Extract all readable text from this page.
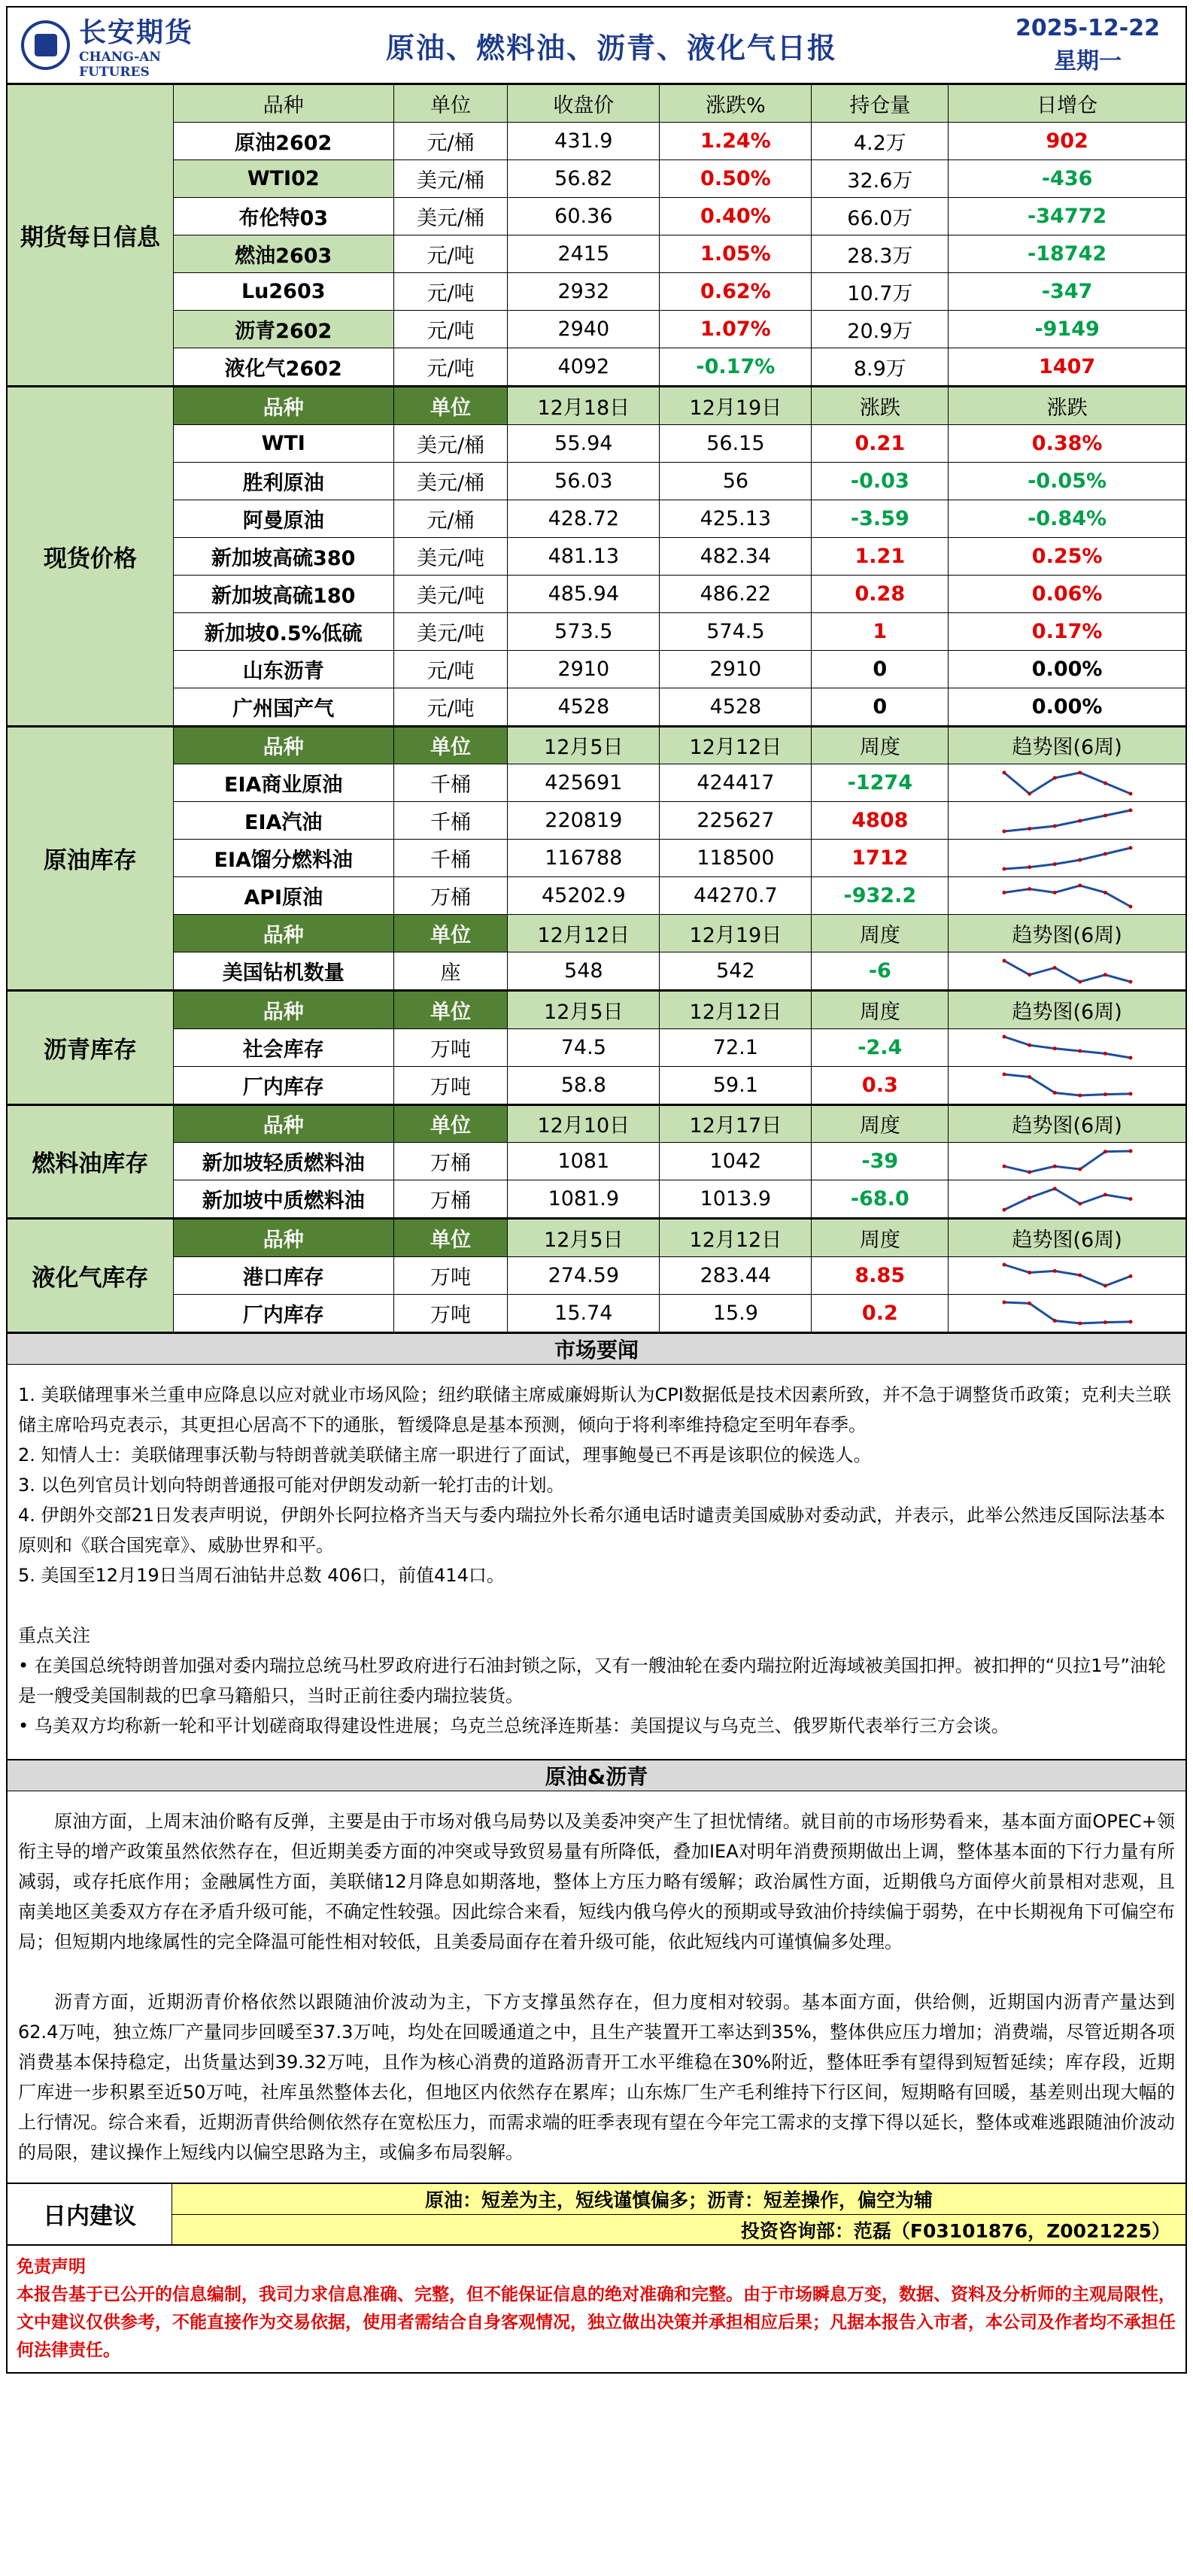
长安期货
CHANG-AN FUTURES
原油、燃料油、沥青、液化气日报
2025-12-22
星期一
期货每日信息	品种	单位	收盘价	涨跌%	持仓量	日增仓
	原油2602	元/桶	431.9	1.24%	4.2万	902
	WTI02	美元/桶	56.82	0.50%	32.6万	-436
	布伦特03	美元/桶	60.36	0.40%	66.0万	-34772
	燃油2603	元/吨	2415	1.05%	28.3万	-18742
	Lu2603	元/吨	2932	0.62%	10.7万	-347
	沥青2602	元/吨	2940	1.07%	20.9万	-9149
	液化气2602	元/吨	4092	-0.17%	8.9万	1407
现货价格	品种	单位	12月18日	12月19日	涨跌	涨跌
	WTI	美元/桶	55.94	56.15	0.21	0.38%
	胜利原油	美元/桶	56.03	56	-0.03	-0.05%
	阿曼原油	元/桶	428.72	425.13	-3.59	-0.84%
	新加坡高硫380	美元/吨	481.13	482.34	1.21	0.25%
	新加坡高硫180	美元/吨	485.94	486.22	0.28	0.06%
	新加坡0.5%低硫	美元/吨	573.5	574.5	1	0.17%
	山东沥青	元/吨	2910	2910	0	0.00%
	广州国产气	元/吨	4528	4528	0	0.00%
原油库存	品种	单位	12月5日	12月12日	周度	趋势图(6周)
	EIA商业原油	千桶	425691	424417	-1274	

	EIA汽油	千桶	220819	225627	4808	

	EIA馏分燃料油	千桶	116788	118500	1712	

	API原油	万桶	45202.9	44270.7	-932.2	

	品种	单位	12月12日	12月19日	周度	趋势图(6周)
	美国钻机数量	座	548	542	-6	
沥青库存	品种	单位	12月5日	12月12日	周度	趋势图(6周)
	社会库存	万吨	74.5	72.1	-2.4	

	厂内库存	万吨	58.8	59.1	0.3	
燃料油库存	品种	单位	12月10日	12月17日	周度	趋势图(6周)
	新加坡轻质燃料油	万桶	1081	1042	-39	

	新加坡中质燃料油	万桶	1081.9	1013.9	-68.0	
液化气库存	品种	单位	12月5日	12月12日	周度	趋势图(6周)
	港口库存	万吨	274.59	283.44	8.85	

	厂内库存	万吨	15.74	15.9	0.2	
市场要闻

1. 美联储理事米兰重申应降息以应对就业市场风险；纽约联储主席威廉姆斯认为CPI数据低是技术因素所致，并不急于调整货币政策；克利夫兰联储主席哈玛克表示，其更担心居高不下的通胀，暂缓降息是基本预测，倾向于将利率维持稳定至明年春季。

2. 知情人士：美联储理事沃勒与特朗普就美联储主席一职进行了面试，理事鲍曼已不再是该职位的候选人。

3. 以色列官员计划向特朗普通报可能对伊朗发动新一轮打击的计划。

4. 伊朗外交部21日发表声明说，伊朗外长阿拉格齐当天与委内瑞拉外长希尔通电话时谴责美国威胁对委动武，并表示，此举公然违反国际法基本原则和《联合国宪章》、威胁世界和平。

5. 美国至12月19日当周石油钻井总数 406口，前值414口。

重点关注

• 在美国总统特朗普加强对委内瑞拉总统马杜罗政府进行石油封锁之际，又有一艘油轮在委内瑞拉附近海域被美国扣押。被扣押的“贝拉1号”油轮是一艘受美国制裁的巴拿马籍船只，当时正前往委内瑞拉装货。

• 乌美双方均称新一轮和平计划磋商取得建设性进展；乌克兰总统泽连斯基：美国提议与乌克兰、俄罗斯代表举行三方会谈。

原油&沥青

原油方面，上周末油价略有反弹，主要是由于市场对俄乌局势以及美委冲突产生了担忧情绪。就目前的市场形势看来，基本面方面OPEC+领衔主导的增产政策虽然依然存在，但近期美委方面的冲突或导致贸易量有所降低，叠加IEA对明年消费预期做出上调，整体基本面的下行力量有所减弱，或存托底作用；金融属性方面，美联储12月降息如期落地，整体上方压力略有缓解；政治属性方面，近期俄乌方面停火前景相对悲观，且南美地区美委双方存在矛盾升级可能，不确定性较强。因此综合来看，短线内俄乌停火的预期或导致油价持续偏于弱势，在中长期视角下可偏空布局；但短期内地缘属性的完全降温可能性相对较低，且美委局面存在着升级可能，依此短线内可谨慎偏多处理。

沥青方面，近期沥青价格依然以跟随油价波动为主，下方支撑虽然存在，但力度相对较弱。基本面方面，供给侧，近期国内沥青产量达到62.4万吨，独立炼厂产量同步回暖至37.3万吨，均处在回暖通道之中，且生产装置开工率达到35%，整体供应压力增加；消费端，尽管近期各项消费基本保持稳定，出货量达到39.32万吨，且作为核心消费的道路沥青开工水平维稳在30%附近，整体旺季有望得到短暂延续；库存段，近期厂库进一步积累至近50万吨，社库虽然整体去化，但地区内依然存在累库；山东炼厂生产毛利维持下行区间，短期略有回暖，基差则出现大幅的上行情况。综合来看，近期沥青供给侧依然存在宽松压力，而需求端的旺季表现有望在今年完工需求的支撑下得以延长，整体或难逃跟随油价波动的局限，建议操作上短线内以偏空思路为主，或偏多布局裂解。

日内建议
原油：短差为主，短线谨慎偏多；沥青：短差操作，偏空为辅
投资咨询部：范磊（F03101876，Z0021225）
免责声明
本报告基于已公开的信息编制，我司力求信息准确、完整，但不能保证信息的绝对准确和完整。由于市场瞬息万变，数据、资料及分析师的主观局限性，文中建议仅供参考，不能直接作为交易依据，使用者需结合自身客观情况，独立做出决策并承担相应后果；凡据本报告入市者，本公司及作者均不承担任何法律责任。
